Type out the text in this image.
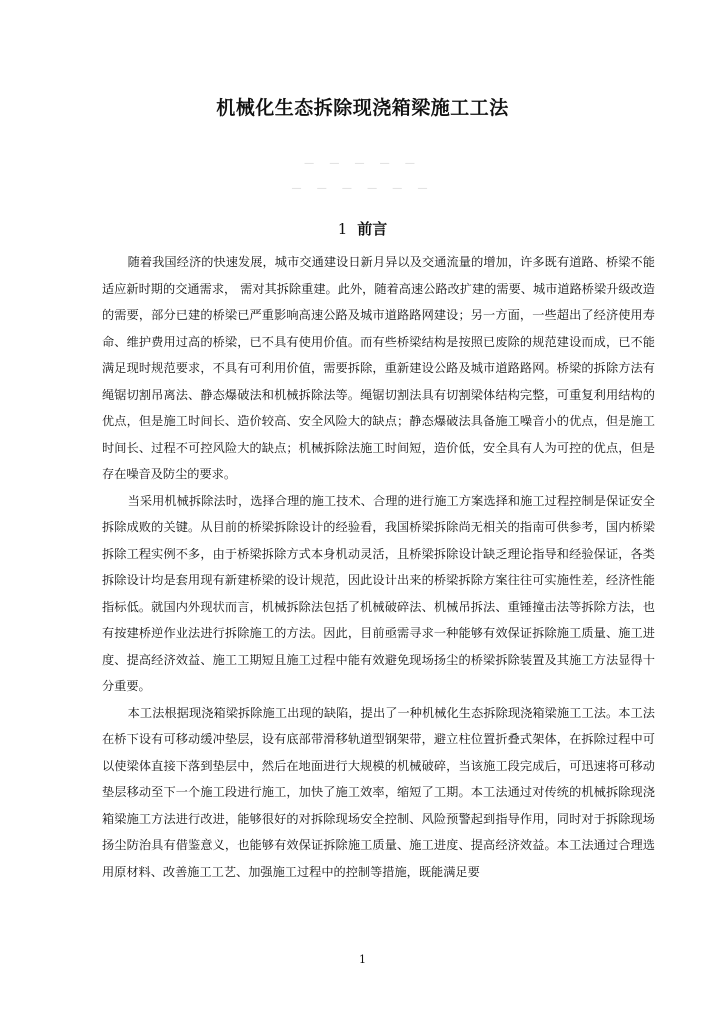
机械化生态拆除现浇箱梁施工工法
— — — — —
— — — — — —
1 前言

随着我国经济的快速发展，城市交通建设日新月异以及交通流量的增加，许多既有道路、桥梁不能适应新时期的交通需求， 需对其拆除重建。此外，随着高速公路改扩建的需要、城市道路桥梁升级改造的需要，部分已建的桥梁已严重影响高速公路及城市道路路网建设；另一方面，一些超出了经济使用寿命、维护费用过高的桥梁，已不具有使用价值。而有些桥梁结构是按照已废除的规范建设而成，已不能满足现时规范要求，不具有可利用价值，需要拆除，重新建设公路及城市道路路网。桥梁的拆除方法有绳锯切割吊离法、静态爆破法和机械拆除法等。绳锯切割法具有切割梁体结构完整，可重复利用结构的优点，但是施工时间长、造价较高、安全风险大的缺点；静态爆破法具备施工噪音小的优点，但是施工时间长、过程不可控风险大的缺点；机械拆除法施工时间短，造价低，安全具有人为可控的优点，但是存在噪音及防尘的要求。

当采用机械拆除法时，选择合理的施工技术、合理的进行施工方案选择和施工过程控制是保证安全拆除成败的关键。从目前的桥梁拆除设计的经验看，我国桥梁拆除尚无相关的指南可供参考，国内桥梁拆除工程实例不多，由于桥梁拆除方式本身机动灵活，且桥梁拆除设计缺乏理论指导和经验保证，各类拆除设计均是套用现有新建桥梁的设计规范，因此设计出来的桥梁拆除方案往往可实施性差，经济性能指标低。就国内外现状而言，机械拆除法包括了机械破碎法、机械吊拆法、重锤撞击法等拆除方法，也有按建桥逆作业法进行拆除施工的方法。因此，目前亟需寻求一种能够有效保证拆除施工质量、施工进度、提高经济效益、施工工期短且施工过程中能有效避免现场扬尘的桥梁拆除装置及其施工方法显得十分重要。

本工法根据现浇箱梁拆除施工出现的缺陷，提出了一种机械化生态拆除现浇箱梁施工工法。本工法在桥下设有可移动缓冲垫层，设有底部带滑移轨道型钢架带，避立柱位置折叠式架体，在拆除过程中可以使梁体直接下落到垫层中，然后在地面进行大规模的机械破碎，当该施工段完成后，可迅速将可移动垫层移动至下一个施工段进行施工，加快了施工效率，缩短了工期。本工法通过对传统的机械拆除现浇箱梁施工方法进行改进，能够很好的对拆除现场安全控制、风险预警起到指导作用，同时对于拆除现场扬尘防治具有借鉴意义，也能够有效保证拆除施工质量、施工进度、提高经济效益。本工法通过合理选用原材料、改善施工工艺、加强施工过程中的控制等措施，既能满足要

1
